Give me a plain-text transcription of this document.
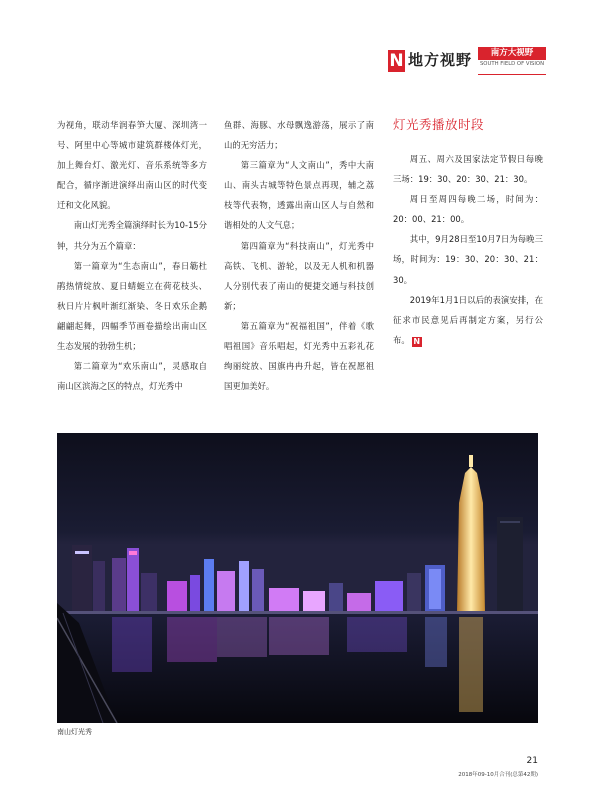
N 地方视野	南方大视野
SOUTH FIELD OF VISION

为视角，联动华润春笋大厦、深圳湾一号、阿里中心等城市建筑群楼体灯光，加上舞台灯、激光灯、音乐系统等多方配合，循序渐进演绎出南山区的时代变迁和文化风貌。

南山灯光秀全篇演绎时长为10-15分钟，共分为五个篇章：

第一篇章为“生态南山”，春日簕杜鹃热情绽放、夏日蜻蜓立在荷花枝头、秋日片片枫叶渐红渐染、冬日欢乐企鹅翩翩起舞，四幅季节画卷描绘出南山区生态发展的勃勃生机；

第二篇章为“欢乐南山”，灵感取自南山区滨海之区的特点，灯光秀中

鱼群、海豚、水母飘逸游荡，展示了南山的无穷活力；

第三篇章为“人文南山”，秀中大南山、南头古城等特色景点再现，辅之荔枝等代表物，透露出南山区人与自然和谐相处的人文气息；

第四篇章为“科技南山”，灯光秀中高铁、飞机、游轮，以及无人机和机器人分别代表了南山的便捷交通与科技创新；

第五篇章为“祝福祖国”，伴着《歌唱祖国》音乐唱起，灯光秀中五彩礼花绚丽绽放、国旗冉冉升起，皆在祝愿祖国更加美好。

灯光秀播放时段

周五、周六及国家法定节假日每晚三场：19：30、20：30、21：30。

周日至周四每晚二场，时间为：20：00、21：00。

其中，9月28日至10月7日为每晚三场，时间为：19：30、20：30、21：30。

2019年1月1日以后的表演安排，在征求市民意见后再制定方案，另行公布。 N

南山灯光秀
21
2018年09-10月合刊(总第42期)
